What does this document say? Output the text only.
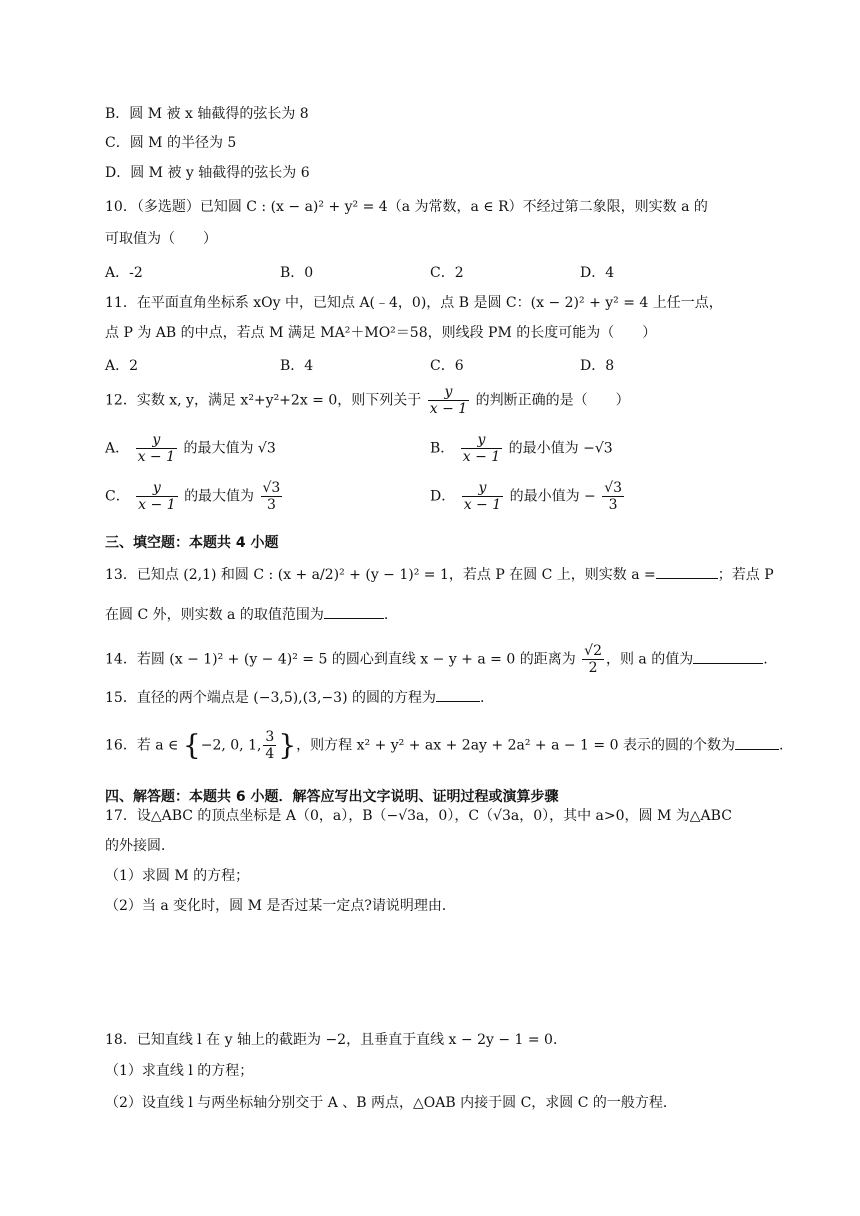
B．圆 M 被 x 轴截得的弦长为 8
C．圆 M 的半径为 5
D．圆 M 被 y 轴截得的弦长为 6
10．（多选题）已知圆 C : (x − a)² + y² = 4（a 为常数，a ∈ R）不经过第二象限，则实数 a 的
可取值为（　　）
A．-2	B．0	C．2	D．4
11．在平面直角坐标系 xOy 中，已知点 A(﹣4，0)，点 B 是圆 C：(x − 2)² + y² = 4 上任一点，
点 P 为 AB 的中点，若点 M 满足 MA²＋MO²＝58，则线段 PM 的长度可能为（　　）
A．2	B．4	C．6	D．8
12．实数 x, y，满足 x²+y²+2x = 0，则下列关于 $\frac{y}{x - 1}$ 的判断正确的是（　　）
A． $\frac{y}{x - 1}$ 的最大值为 √3	B． $\frac{y}{x - 1}$ 的最小值为 −√3
C． $\frac{y}{x - 1}$ 的最大值为 $\frac{√3}{3}$	D． $\frac{y}{x - 1}$ 的最小值为 − $\frac{√3}{3}$
三、填空题：本题共 4 小题
13．已知点 (2,1) 和圆 C : (x + a/2)² + (y − 1)² = 1，若点 P 在圆 C 上，则实数 a =	；若点 P
在圆 C 外，则实数 a 的取值范围为	.
14．若圆 (x − 1)² + (y − 4)² = 5 的圆心到直线 x − y + a = 0 的距离为 $\frac{√2}{2}$ ，则 a 的值为	.
15．直径的两个端点是 (−3,5),(3,−3) 的圆的方程为	.
16．若 a ∈ {−2, 0, 1, $\frac{3}{4}$ }，则方程 x² + y² + ax + 2ay + 2a² + a − 1 = 0 表示的圆的个数为	.
四、解答题：本题共 6 小题．解答应写出文字说明、证明过程或演算步骤
17．设△ABC 的顶点坐标是 A（0，a），B（−√3a，0），C（√3a，0），其中 a>0，圆 M 为△ABC
的外接圆．
（1）求圆 M 的方程；
（2）当 a 变化时，圆 M 是否过某一定点?请说明理由．
18．已知直线 l 在 y 轴上的截距为 −2，且垂直于直线 x − 2y − 1 = 0．
（1）求直线 l 的方程；
（2）设直线 l 与两坐标轴分别交于 A 、B 两点，△OAB 内接于圆 C，求圆 C 的一般方程．
